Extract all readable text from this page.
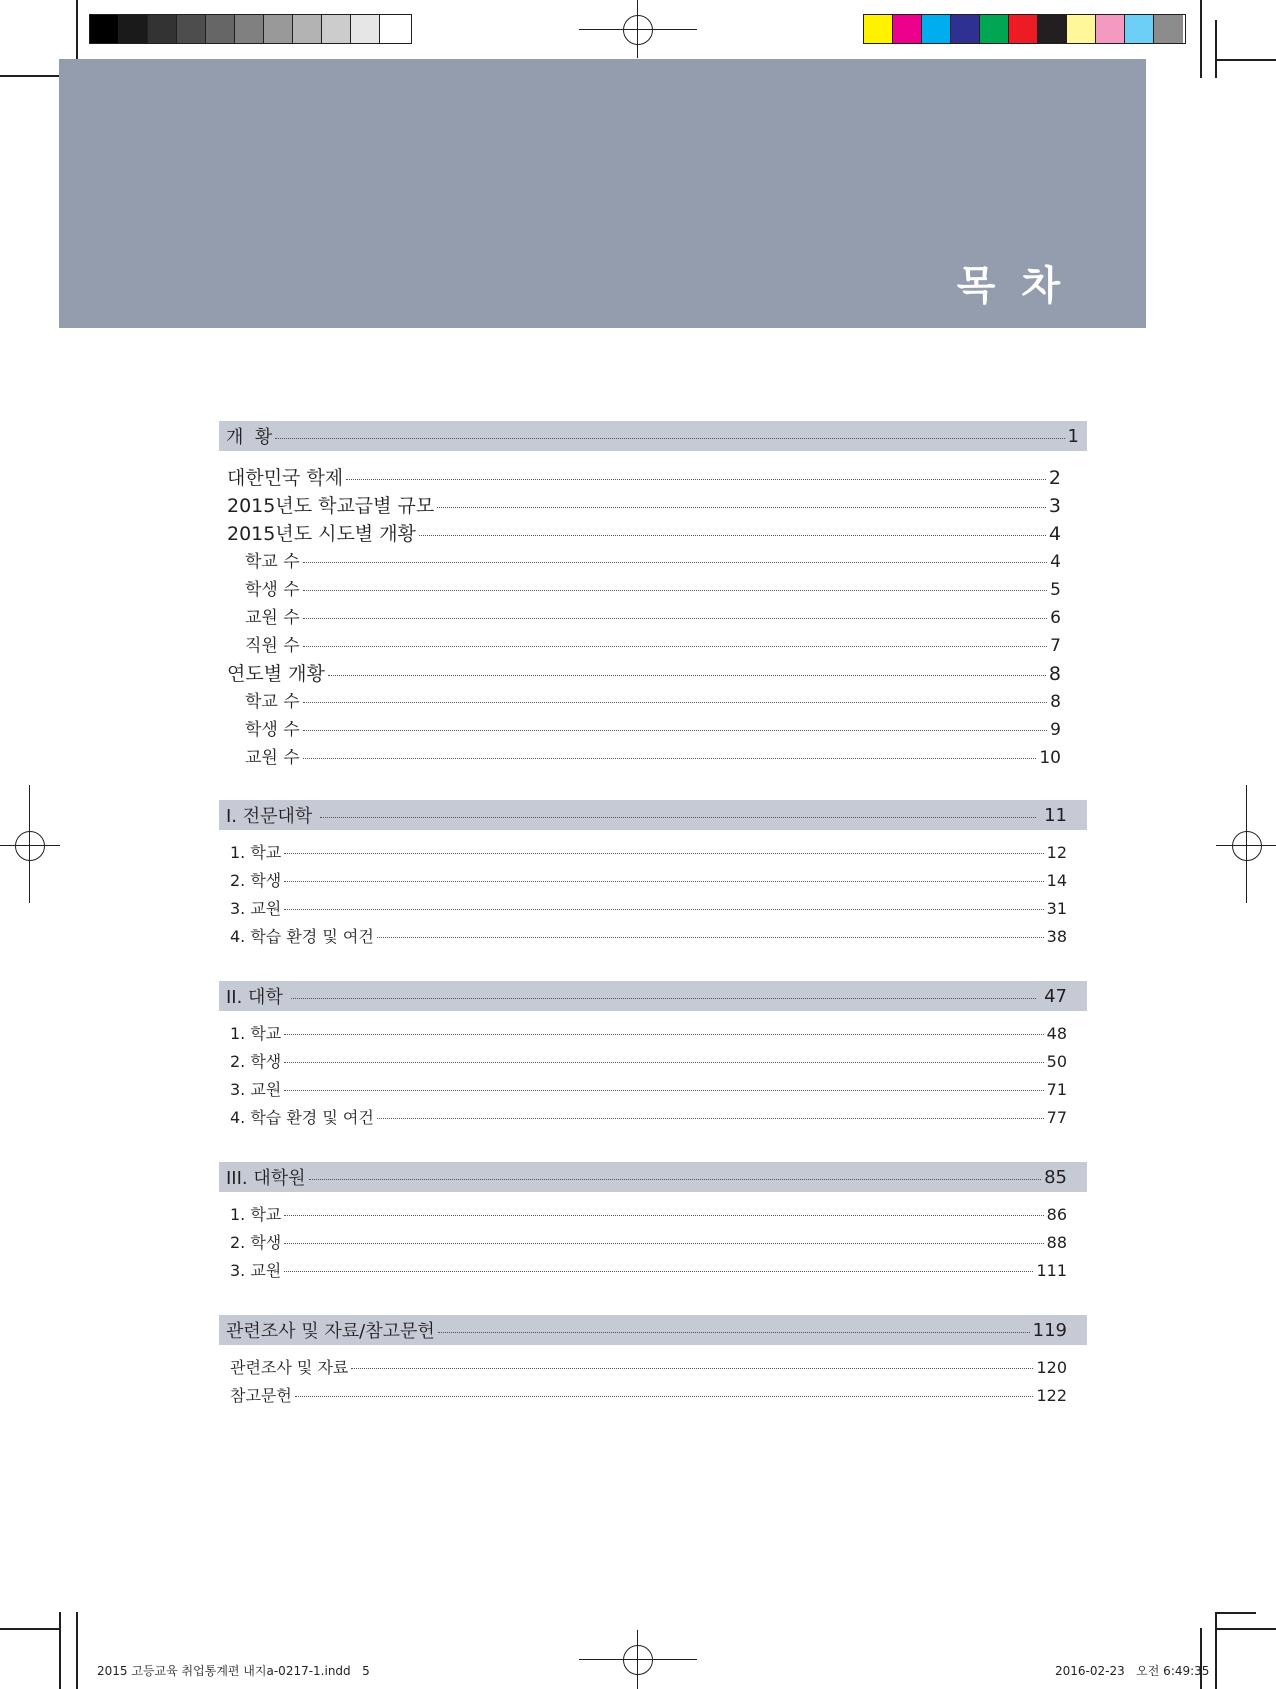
목 차
개  황	1
대한민국 학제	2
2015년도 학교급별 규모	3
2015년도 시도별 개황	4
학교 수	4
학생 수	5
교원 수	6
직원 수	7
연도별 개황	8
학교 수	8
학생 수	9
교원 수	10
I. 전문대학	11
1. 학교	12
2. 학생	14
3. 교원	31
4. 학습 환경 및 여건	38
II. 대학	47
1. 학교	48
2. 학생	50
3. 교원	71
4. 학습 환경 및 여건	77
III. 대학원	85
1. 학교	86
2. 학생	88
3. 교원	111
관련조사 및 자료/참고문헌	119
관련조사 및 자료	120
참고문헌	122
2015 고등교육 취업통계편 내지a-0217-1.indd   5	2016-02-23   오전 6:49:35
